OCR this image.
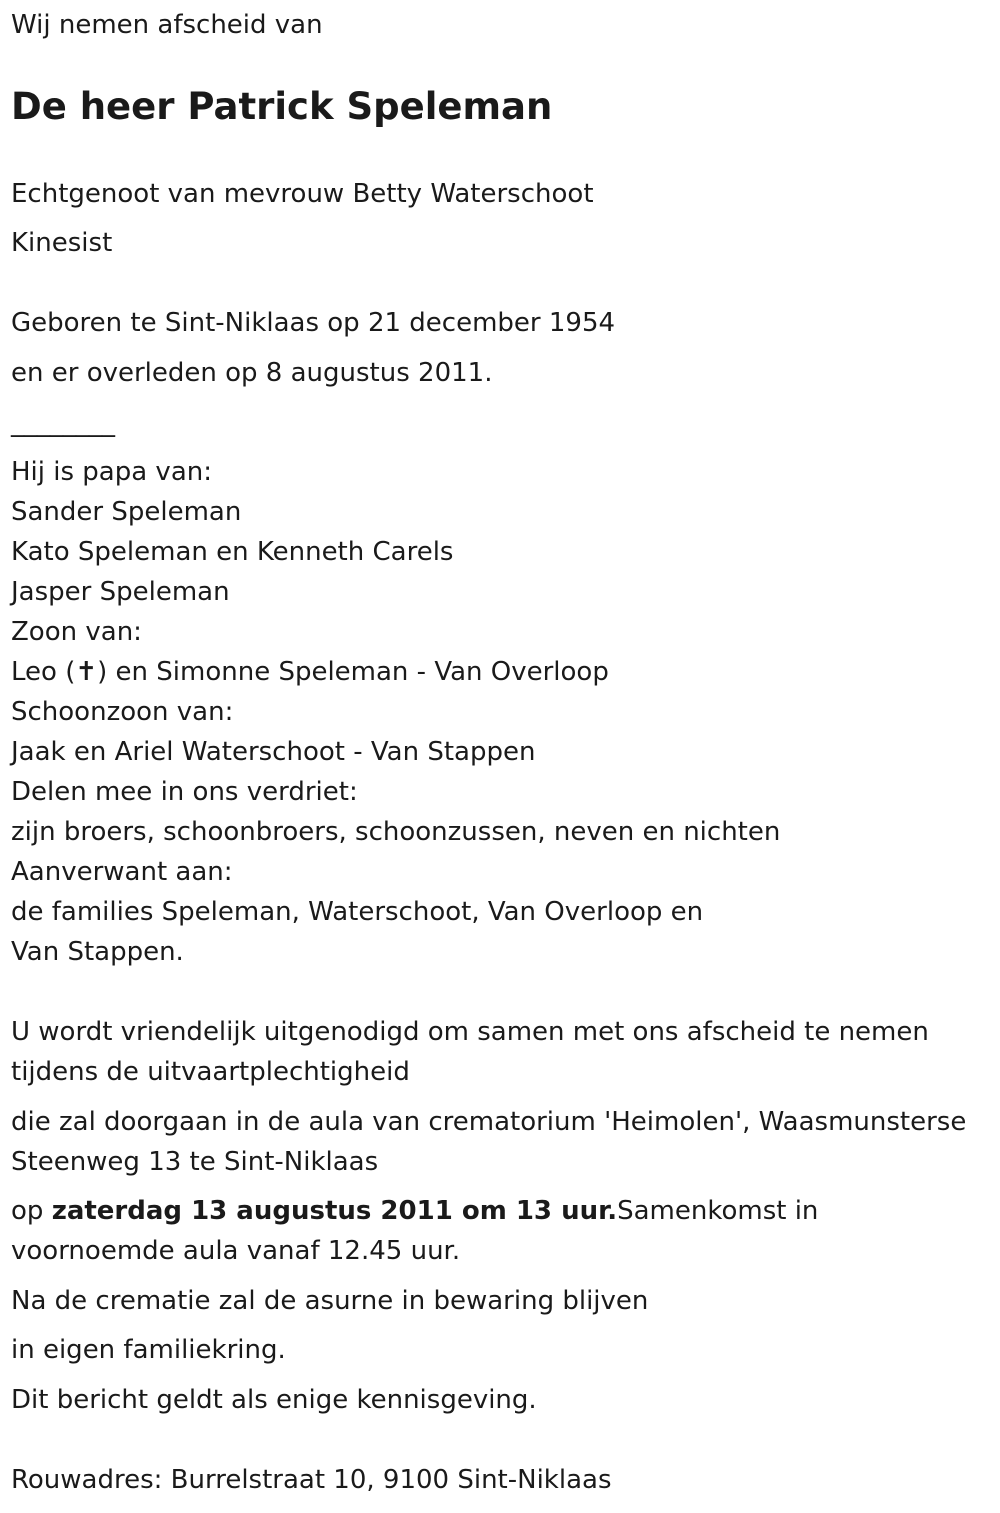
Wij nemen afscheid van
De heer Patrick Speleman
Echtgenoot van mevrouw Betty Waterschoot
Kinesist
Geboren te Sint-Niklaas op 21 december 1954
en er overleden op 8 augustus 2011.
________
Hij is papa van:
Sander Speleman
Kato Speleman en Kenneth Carels
Jasper Speleman
Zoon van:
Leo (✝) en Simonne Speleman - Van Overloop
Schoonzoon van:
Jaak en Ariel Waterschoot - Van Stappen
Delen mee in ons verdriet:
zijn broers, schoonbroers, schoonzussen, neven en nichten
Aanverwant aan:
de families Speleman, Waterschoot, Van Overloop en
Van Stappen.
U wordt vriendelijk uitgenodigd om samen met ons afscheid te nemen tijdens de uitvaartplechtigheid
die zal doorgaan in de aula van crematorium 'Heimolen', Waasmunsterse Steenweg 13 te Sint-Niklaas
op zaterdag 13 augustus 2011 om 13 uur.Samenkomst in voornoemde aula vanaf 12.45 uur.
Na de crematie zal de asurne in bewaring blijven
in eigen familiekring.
Dit bericht geldt als enige kennisgeving.
Rouwadres: Burrelstraat 10, 9100 Sint-Niklaas
